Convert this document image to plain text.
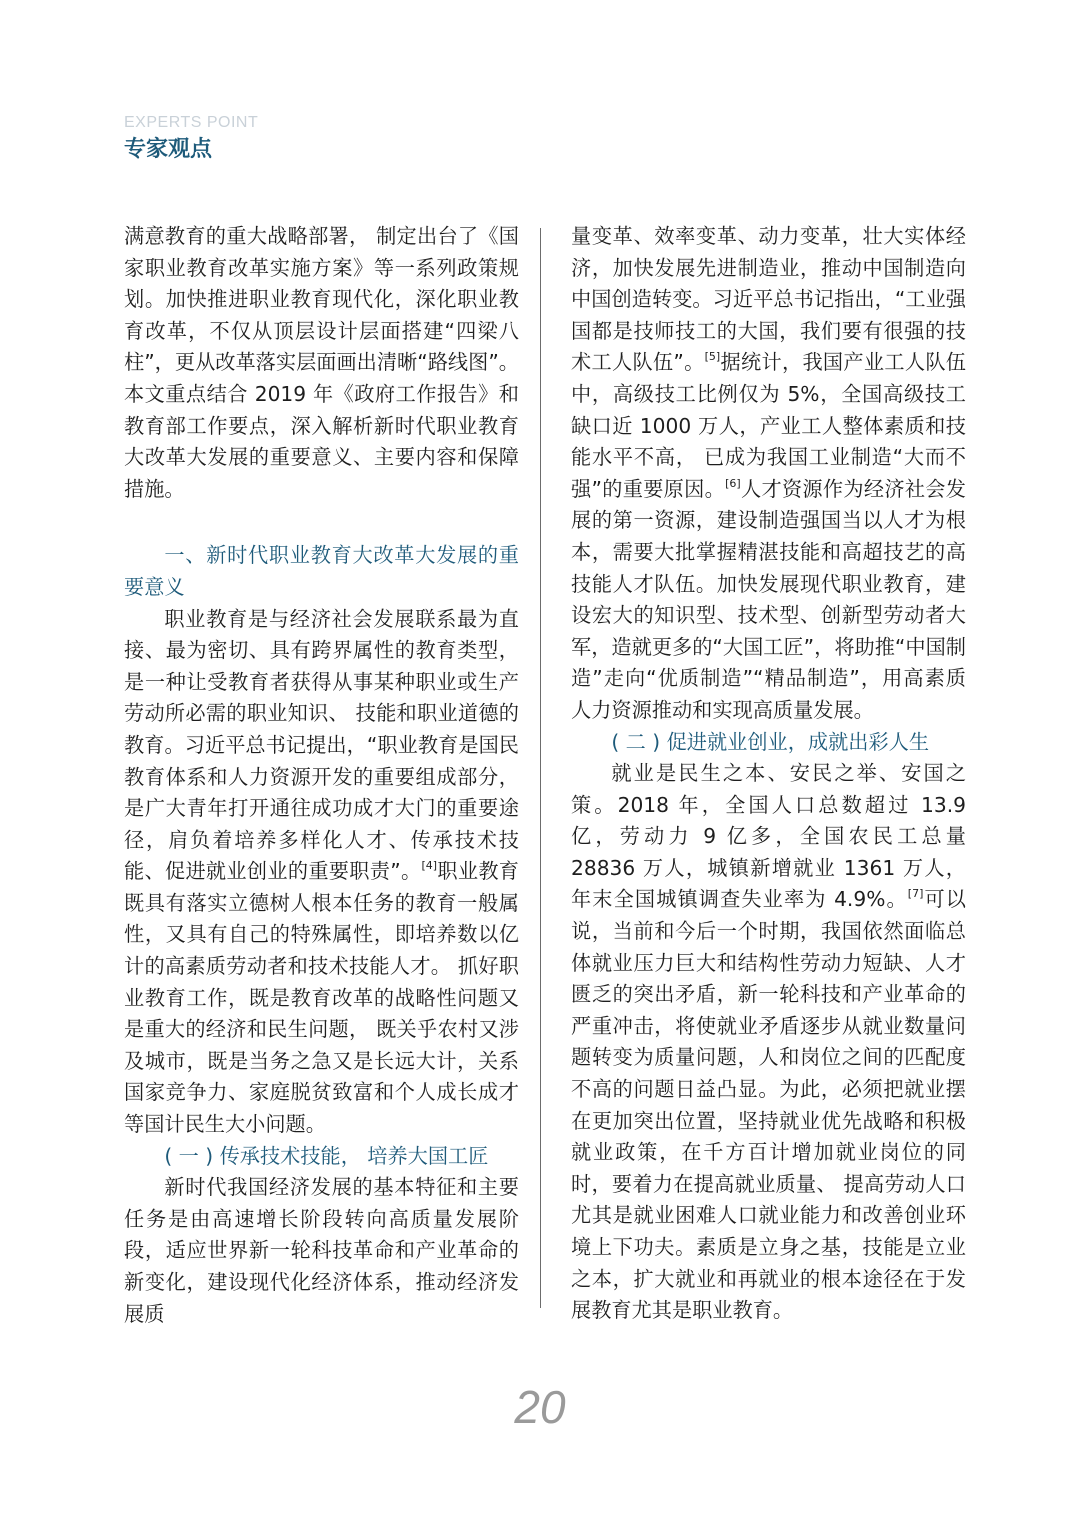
EXPERTS POINT
专家观点

满意教育的重大战略部署， 制定出台了《国家职业教育改革实施方案》等一系列政策规划。加快推进职业教育现代化，深化职业教育改革，不仅从顶层设计层面搭建“四梁八柱”，更从改革落实层面画出清晰“路线图”。本文重点结合 2019 年《政府工作报告》和教育部工作要点，深入解析新时代职业教育大改革大发展的重要意义、主要内容和保障措施。

一、新时代职业教育大改革大发展的重要意义

职业教育是与经济社会发展联系最为直接、最为密切、具有跨界属性的教育类型，是一种让受教育者获得从事某种职业或生产劳动所必需的职业知识、 技能和职业道德的教育。习近平总书记提出，“职业教育是国民教育体系和人力资源开发的重要组成部分，是广大青年打开通往成功成才大门的重要途径，肩负着培养多样化人才、传承技术技能、促进就业创业的重要职责”。[4]职业教育既具有落实立德树人根本任务的教育一般属性，又具有自己的特殊属性，即培养数以亿计的高素质劳动者和技术技能人才。 抓好职业教育工作，既是教育改革的战略性问题又是重大的经济和民生问题， 既关乎农村又涉及城市，既是当务之急又是长远大计，关系国家竞争力、家庭脱贫致富和个人成长成才等国计民生大小问题。

( 一 ) 传承技术技能， 培养大国工匠

新时代我国经济发展的基本特征和主要任务是由高速增长阶段转向高质量发展阶段，适应世界新一轮科技革命和产业革命的新变化，建设现代化经济体系，推动经济发展质

量变革、效率变革、动力变革，壮大实体经济，加快发展先进制造业，推动中国制造向中国创造转变。习近平总书记指出，“工业强国都是技师技工的大国，我们要有很强的技术工人队伍”。[5]据统计，我国产业工人队伍中，高级技工比例仅为 5%，全国高级技工缺口近 1000 万人，产业工人整体素质和技能水平不高， 已成为我国工业制造“大而不强”的重要原因。[6]人才资源作为经济社会发展的第一资源，建设制造强国当以人才为根本，需要大批掌握精湛技能和高超技艺的高技能人才队伍。加快发展现代职业教育，建设宏大的知识型、技术型、创新型劳动者大军，造就更多的“大国工匠”，将助推“中国制造”走向“优质制造”“精品制造”，用高素质人力资源推动和实现高质量发展。

( 二 ) 促进就业创业，成就出彩人生

就业是民生之本、安民之举、安国之策。2018 年，全国人口总数超过 13.9 亿，劳动力 9 亿多，全国农民工总量 28836 万人，城镇新增就业 1361 万人，年末全国城镇调查失业率为 4.9%。[7]可以说，当前和今后一个时期，我国依然面临总体就业压力巨大和结构性劳动力短缺、人才匮乏的突出矛盾，新一轮科技和产业革命的严重冲击，将使就业矛盾逐步从就业数量问题转变为质量问题，人和岗位之间的匹配度不高的问题日益凸显。为此，必须把就业摆在更加突出位置，坚持就业优先战略和积极就业政策，在千方百计增加就业岗位的同时，要着力在提高就业质量、 提高劳动人口尤其是就业困难人口就业能力和改善创业环境上下功夫。素质是立身之基，技能是立业之本，扩大就业和再就业的根本途径在于发展教育尤其是职业教育。

20
